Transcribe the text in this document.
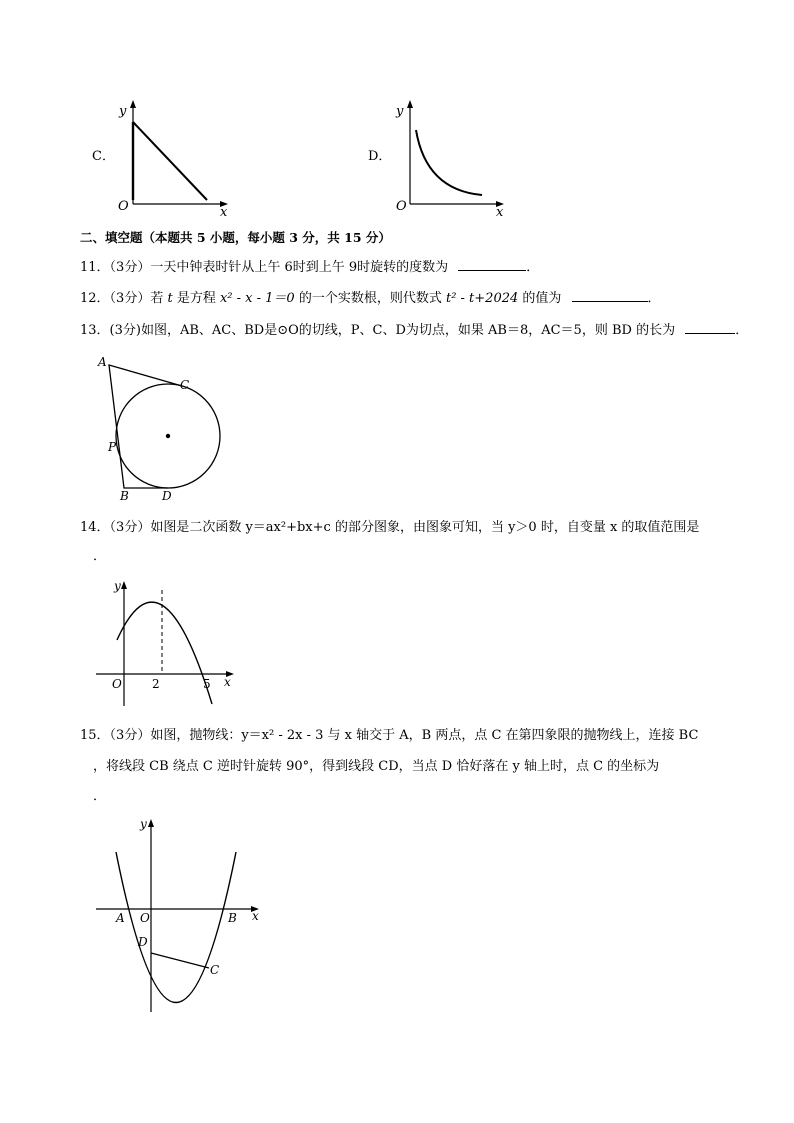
C．
y
O	x
D．
y
O	x
二、填空题（本题共 5 小题，每小题 3 分，共 15 分）
11．（3分）一天中钟表时针从上午 6时到上午 9时旋转的度数为	．
12．（3分）若 t 是方程 x² - x - 1＝0 的一个实数根，则代数式 t² - t+2024 的值为	．
13．(3分)如图，AB、AC、BD是⊙O的切线，P、C、D为切点，如果 AB＝8，AC＝5，则 BD 的长为	．
A
C
P
B	D
14．（3分）如图是二次函数 y＝ax²+bx+c 的部分图象，由图象可知，当 y＞0 时，自变量 x 的取值范围是
．
y
O	2	5 x
15．（3分）如图，抛物线：y＝x² - 2x - 3 与 x 轴交于 A，B 两点，点 C 在第四象限的抛物线上，连接 BC
，将线段 CB 绕点 C 逆时针旋转 90°，得到线段 CD，当点 D 恰好落在 y 轴上时，点 C 的坐标为
．
y
A O	B x
D
C
